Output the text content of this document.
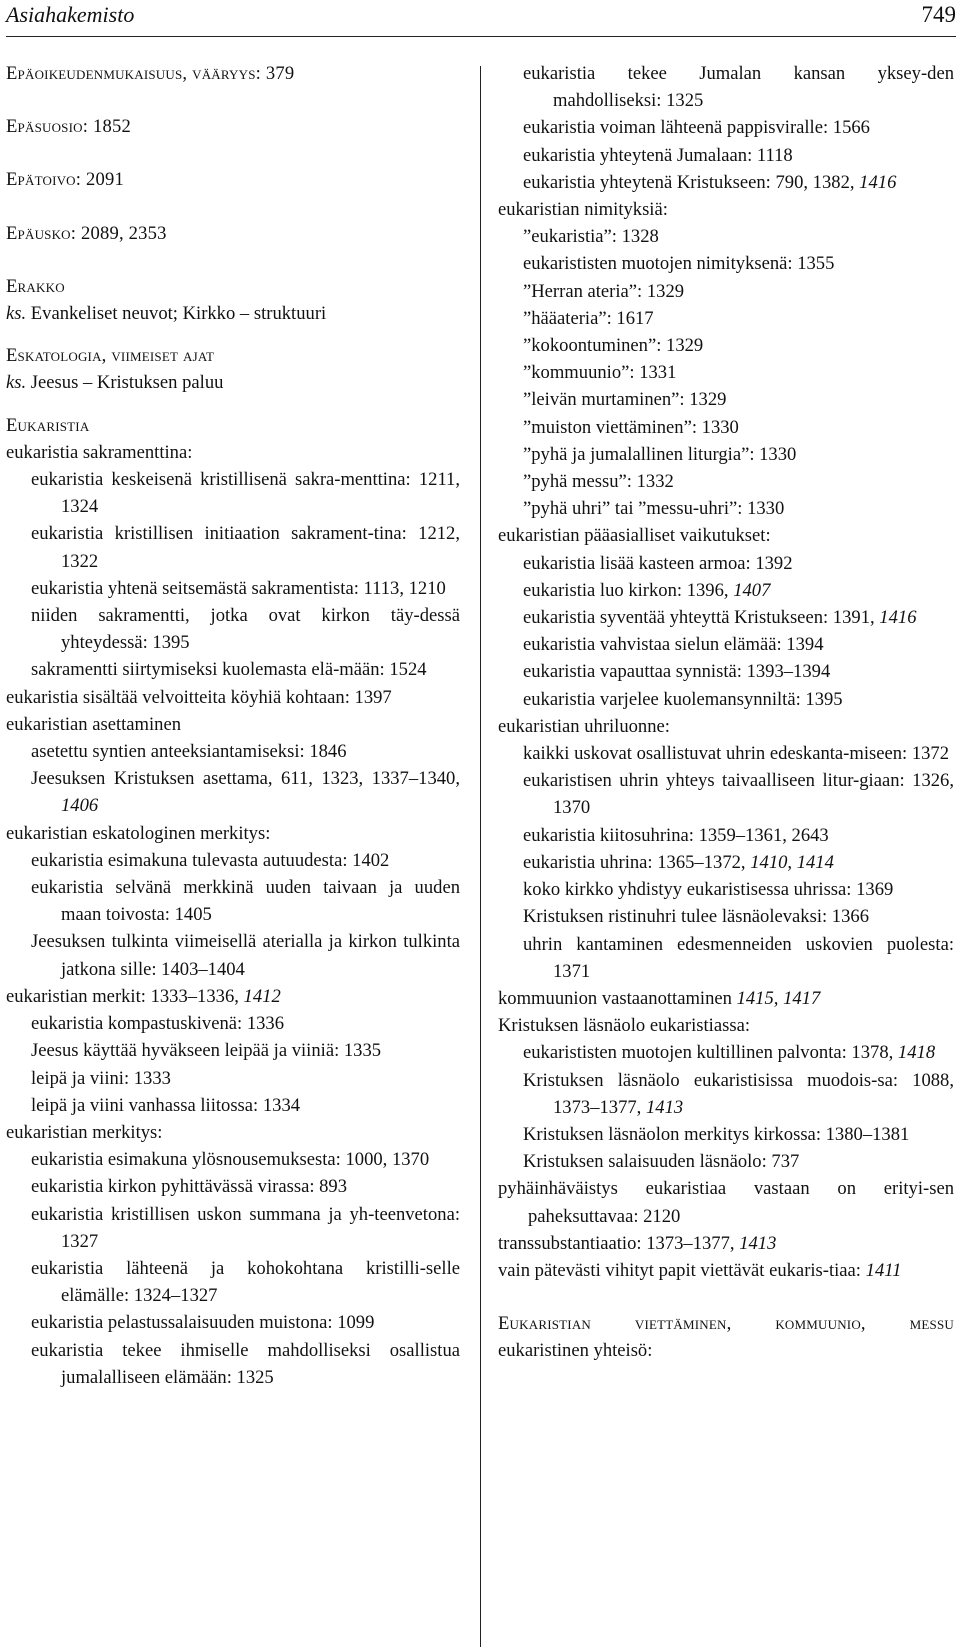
Asiahakemisto	749

Epäoikeudenmukaisuus, vääryys: 379

Epäsuosio: 1852

Epätoivo: 2091

Epäusko: 2089, 2353

Erakko

ks. Evankeliset neuvot; Kirkko – struktuuri

Eskatologia, viimeiset ajat

ks. Jeesus – Kristuksen paluu

Eukaristia

eukaristia sakramenttina:

eukaristia keskeisenä kristillisenä sakra-menttina: 1211, 1324

eukaristia kristillisen initiaation sakrament-tina: 1212, 1322

eukaristia yhtenä seitsemästä sakramentista: 1113, 1210

niiden sakramentti, jotka ovat kirkon täy-dessä yhteydessä: 1395

sakramentti siirtymiseksi kuolemasta elä-mään: 1524

eukaristia sisältää velvoitteita köyhiä kohtaan: 1397

eukaristian asettaminen

asetettu syntien anteeksiantamiseksi: 1846

Jeesuksen Kristuksen asettama, 611, 1323, 1337–1340, 1406

eukaristian eskatologinen merkitys:

eukaristia esimakuna tulevasta autuudesta: 1402

eukaristia selvänä merkkinä uuden taivaan ja uuden maan toivosta: 1405

Jeesuksen tulkinta viimeisellä aterialla ja kirkon tulkinta jatkona sille: 1403–1404

eukaristian merkit: 1333–1336, 1412

eukaristia kompastuskivenä: 1336

Jeesus käyttää hyväkseen leipää ja viiniä: 1335

leipä ja viini: 1333

leipä ja viini vanhassa liitossa: 1334

eukaristian merkitys:

eukaristia esimakuna ylösnousemuksesta: 1000, 1370

eukaristia kirkon pyhittävässä virassa: 893

eukaristia kristillisen uskon summana ja yh-teenvetona: 1327

eukaristia lähteenä ja kohokohtana kristilli-selle elämälle: 1324–1327

eukaristia pelastussalaisuuden muistona: 1099

eukaristia tekee ihmiselle mahdolliseksi osallistua jumalalliseen elämään: 1325

eukaristia tekee Jumalan kansan yksey-den mahdolliseksi: 1325

eukaristia voiman lähteenä pappisviralle: 1566

eukaristia yhteytenä Jumalaan: 1118

eukaristia yhteytenä Kristukseen: 790, 1382, 1416

eukaristian nimityksiä:

”eukaristia”: 1328

eukarististen muotojen nimityksenä: 1355

”Herran ateria”: 1329

”hääateria”: 1617

”kokoontuminen”: 1329

”kommuunio”: 1331

”leivän murtaminen”: 1329

”muiston viettäminen”: 1330

”pyhä ja jumalallinen liturgia”: 1330

”pyhä messu”: 1332

”pyhä uhri” tai ”messu-uhri”: 1330

eukaristian pääasialliset vaikutukset:

eukaristia lisää kasteen armoa: 1392

eukaristia luo kirkon: 1396, 1407

eukaristia syventää yhteyttä Kristukseen: 1391, 1416

eukaristia vahvistaa sielun elämää: 1394

eukaristia vapauttaa synnistä: 1393–1394

eukaristia varjelee kuolemansynniltä: 1395

eukaristian uhriluonne:

kaikki uskovat osallistuvat uhrin edeskanta-miseen: 1372

eukaristisen uhrin yhteys taivaalliseen litur-giaan: 1326, 1370

eukaristia kiitosuhrina: 1359–1361, 2643

eukaristia uhrina: 1365–1372, 1410, 1414

koko kirkko yhdistyy eukaristisessa uhrissa: 1369

Kristuksen ristinuhri tulee läsnäolevaksi: 1366

uhrin kantaminen edesmenneiden uskovien puolesta: 1371

kommuunion vastaanottaminen 1415, 1417

Kristuksen läsnäolo eukaristiassa:

eukarististen muotojen kultillinen palvonta: 1378, 1418

Kristuksen läsnäolo eukaristisissa muodois-sa: 1088, 1373–1377, 1413

Kristuksen läsnäolon merkitys kirkossa: 1380–1381

Kristuksen salaisuuden läsnäolo: 737

pyhäinhäväistys eukaristiaa vastaan on erityi-sen paheksuttavaa: 2120

transsubstantiaatio: 1373–1377, 1413

vain pätevästi vihityt papit viettävät eukaris-tiaa: 1411

Eukaristian viettäminen, kommuunio, messu

eukaristinen yhteisö:
